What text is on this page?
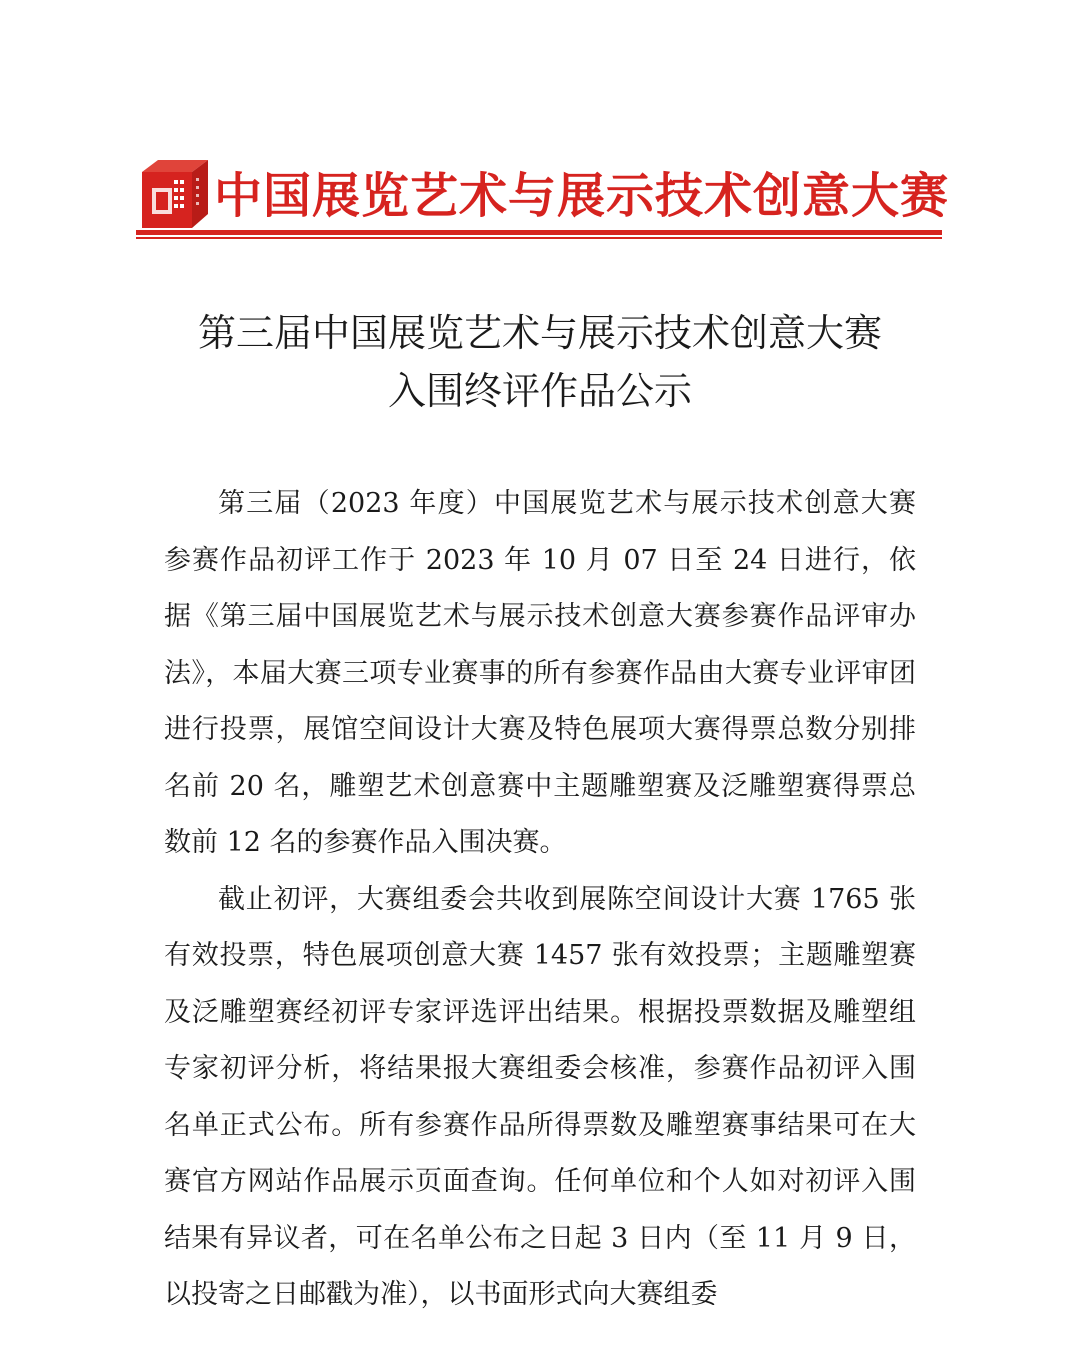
中国展览艺术与展示技术创意大赛
第三届中国展览艺术与展示技术创意大赛
入围终评作品公示

第三届（2023 年度）中国展览艺术与展示技术创意大赛参赛作品初评工作于 2023 年 10 月 07 日至 24 日进行，依据《第三届中国展览艺术与展示技术创意大赛参赛作品评审办法》，本届大赛三项专业赛事的所有参赛作品由大赛专业评审团进行投票，展馆空间设计大赛及特色展项大赛得票总数分别排名前 20 名，雕塑艺术创意赛中主题雕塑赛及泛雕塑赛得票总数前 12 名的参赛作品入围决赛。

截止初评，大赛组委会共收到展陈空间设计大赛 1765 张有效投票，特色展项创意大赛 1457 张有效投票；主题雕塑赛及泛雕塑赛经初评专家评选评出结果。根据投票数据及雕塑组专家初评分析，将结果报大赛组委会核准，参赛作品初评入围名单正式公布。所有参赛作品所得票数及雕塑赛事结果可在大赛官方网站作品展示页面查询。任何单位和个人如对初评入围结果有异议者，可在名单公布之日起 3 日内（至 11 月 9 日，以投寄之日邮戳为准），以书面形式向大赛组委
